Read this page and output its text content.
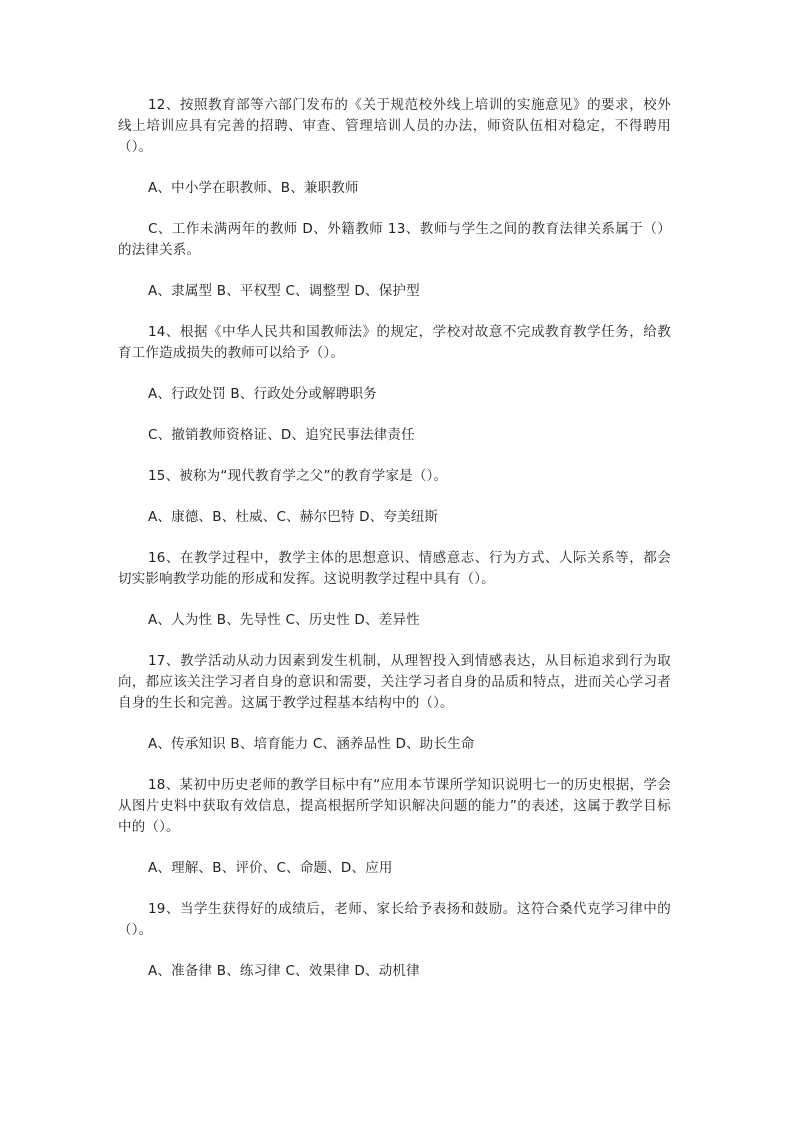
12、按照教育部等六部门发布的《关于规范校外线上培训的实施意见》的要求，校外线上培训应具有完善的招聘、审查、管理培训人员的办法，师资队伍相对稳定，不得聘用（）。

A、中小学在职教师、B、兼职教师

C、工作未满两年的教师 D、外籍教师 13、教师与学生之间的教育法律关系属于（）的法律关系。

A、隶属型 B、平权型 C、调整型 D、保护型

14、根据《中华人民共和国教师法》的规定，学校对故意不完成教育教学任务，给教育工作造成损失的教师可以给予（）。

A、行政处罚 B、行政处分或解聘职务

C、撤销教师资格证、D、追究民事法律责任

15、被称为“现代教育学之父”的教育学家是（）。

A、康德、B、杜威、C、赫尔巴特 D、夸美纽斯

16、在教学过程中，教学主体的思想意识、情感意志、行为方式、人际关系等，都会切实影响教学功能的形成和发挥。这说明教学过程中具有（）。

A、人为性 B、先导性 C、历史性 D、差异性

17、教学活动从动力因素到发生机制，从理智投入到情感表达，从目标追求到行为取向，都应该关注学习者自身的意识和需要，关注学习者自身的品质和特点，进而关心学习者自身的生长和完善。这属于教学过程基本结构中的（）。

A、传承知识 B、培育能力 C、涵养品性 D、助长生命

18、某初中历史老师的教学目标中有“应用本节课所学知识说明七一的历史根据，学会从图片史料中获取有效信息，提高根据所学知识解决问题的能力”的表述，这属于教学目标中的（）。

A、理解、B、评价、C、命题、D、应用

19、当学生获得好的成绩后，老师、家长给予表扬和鼓励。这符合桑代克学习律中的（）。

A、准备律 B、练习律 C、效果律 D、动机律
